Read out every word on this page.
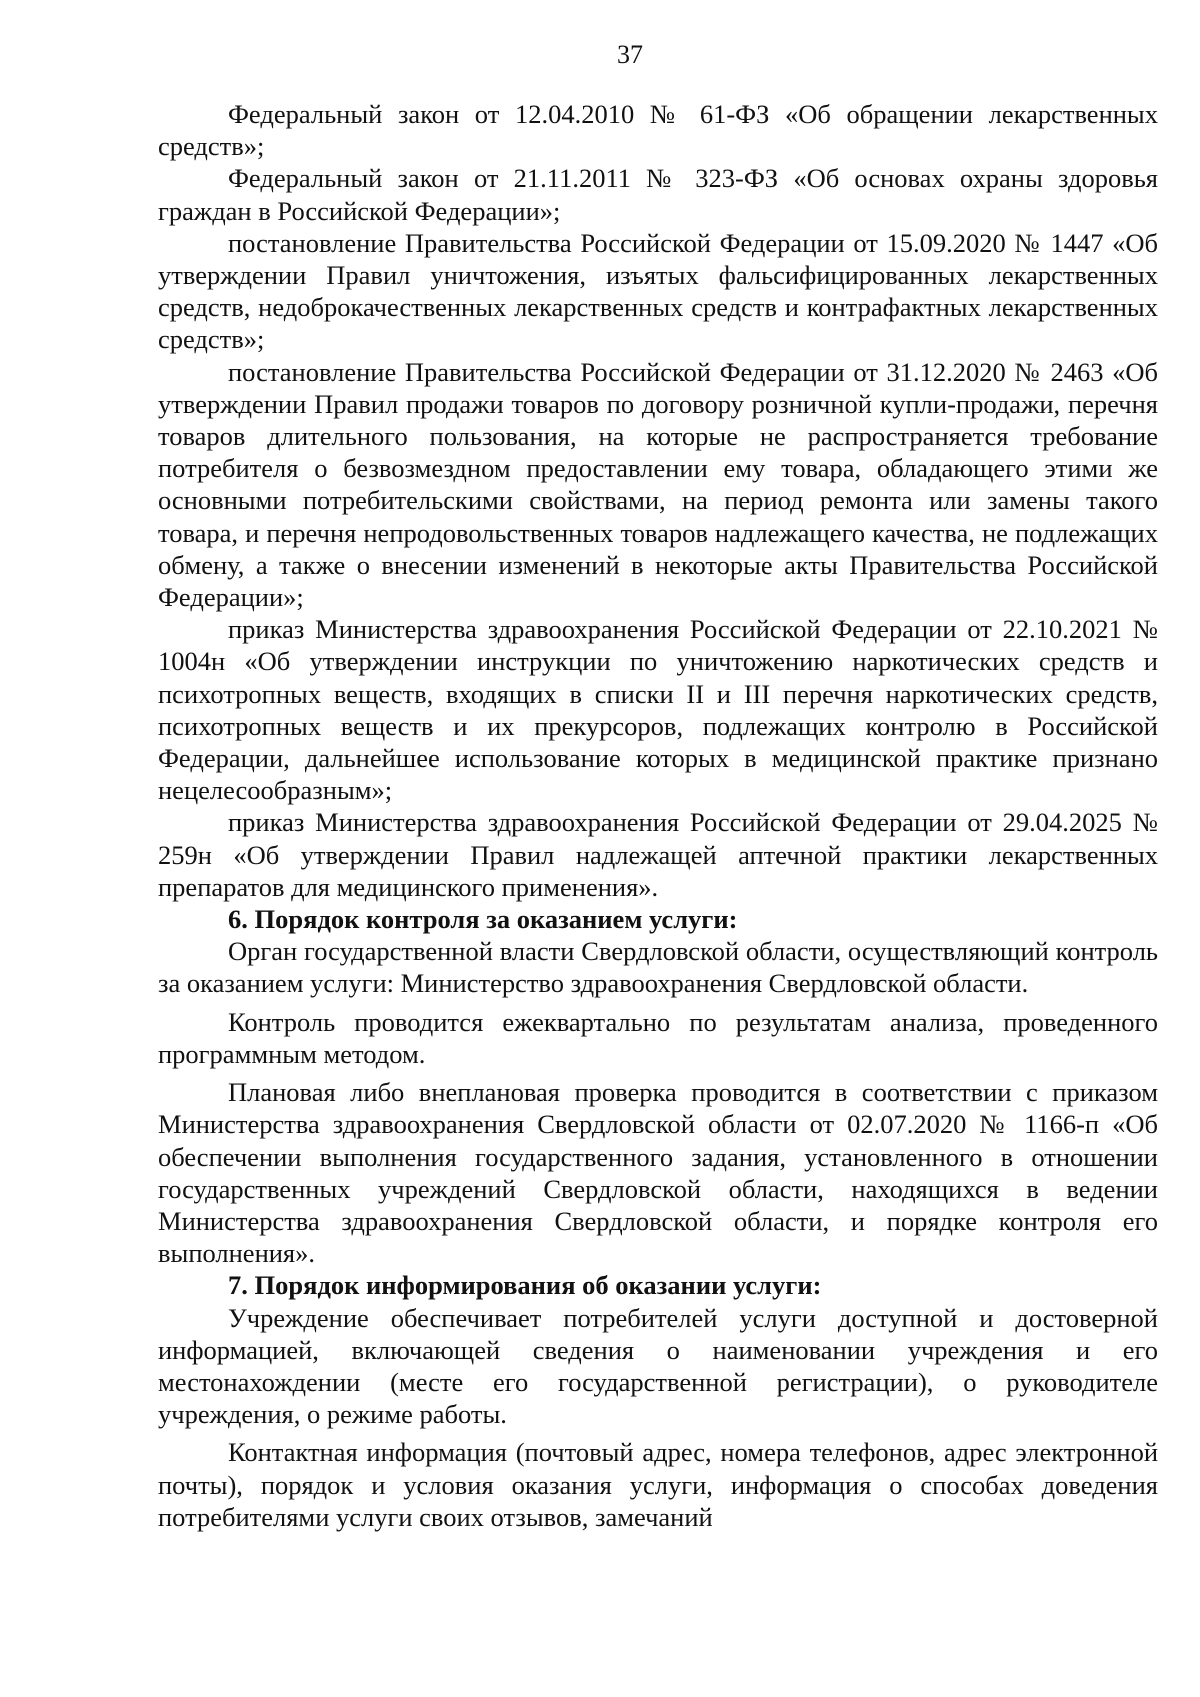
37

Федеральный закон от 12.04.2010 № 61-ФЗ «Об обращении лекарственных средств»;

Федеральный закон от 21.11.2011 № 323-ФЗ «Об основах охраны здоровья граждан в Российской Федерации»;

постановление Правительства Российской Федерации от 15.09.2020 № 1447 «Об утверждении Правил уничтожения, изъятых фальсифицированных лекарственных средств, недоброкачественных лекарственных средств и контрафактных лекарственных средств»;

постановление Правительства Российской Федерации от 31.12.2020 № 2463 «Об утверждении Правил продажи товаров по договору розничной купли-продажи, перечня товаров длительного пользования, на которые не распространяется требование потребителя о безвозмездном предоставлении ему товара, обладающего этими же основными потребительскими свойствами, на период ремонта или замены такого товара, и перечня непродовольственных товаров надлежащего качества, не подлежащих обмену, а также о внесении изменений в некоторые акты Правительства Российской Федерации»;

приказ Министерства здравоохранения Российской Федерации от 22.10.2021 № 1004н «Об утверждении инструкции по уничтожению наркотических средств и психотропных веществ, входящих в списки II и III перечня наркотических средств, психотропных веществ и их прекурсоров, подлежащих контролю в Российской Федерации, дальнейшее использование которых в медицинской практике признано нецелесообразным»;

приказ Министерства здравоохранения Российской Федерации от 29.04.2025 № 259н «Об утверждении Правил надлежащей аптечной практики лекарственных препаратов для медицинского применения».

6. Порядок контроля за оказанием услуги:

Орган государственной власти Свердловской области, осуществляющий контроль за оказанием услуги: Министерство здравоохранения Свердловской области.

Контроль проводится ежеквартально по результатам анализа, проведенного программным методом.

Плановая либо внеплановая проверка проводится в соответствии с приказом Министерства здравоохранения Свердловской области от 02.07.2020 № 1166-п «Об обеспечении выполнения государственного задания, установленного в отношении государственных учреждений Свердловской области, находящихся в ведении Министерства здравоохранения Свердловской области, и порядке контроля его выполнения».

7. Порядок информирования об оказании услуги:

Учреждение обеспечивает потребителей услуги доступной и достоверной информацией, включающей сведения о наименовании учреждения и его местонахождении (месте его государственной регистрации), о руководителе учреждения, о режиме работы.

Контактная информация (почтовый адрес, номера телефонов, адрес электронной почты), порядок и условия оказания услуги, информация о способах доведения потребителями услуги своих отзывов, замечаний
